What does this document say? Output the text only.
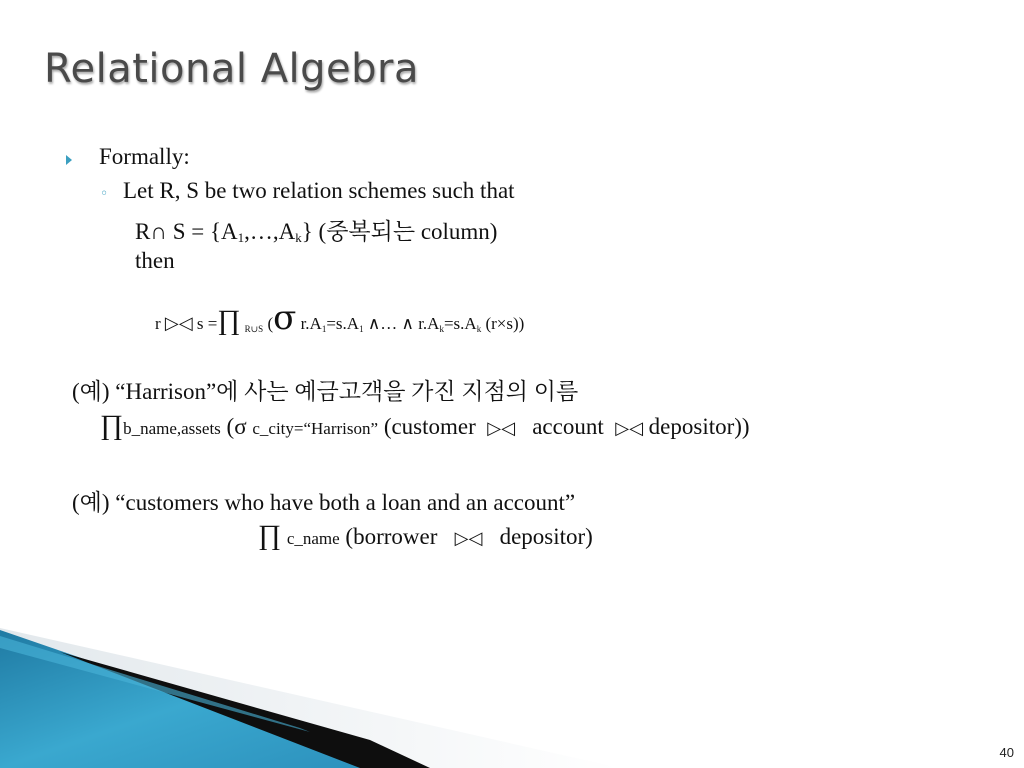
Relational Algebra
Formally:
◦ Let R, S be two relation schemes such that
R∩ $S = \{A_1,\dots,A_k\}$ (중복되는 column)
then
r ▷◁ s =∏ R∪S (σ r.A1=s.A1 ∧… ∧ r.Ak=s.Ak (r×s))
(예) “Harrison”에 사는 예금고객을 가진 지점의 이름
∏b_name,assets (σ c_city=“Harrison” (customer ▷◁ account ▷◁ depositor))
(예) “customers who have both a loan and an account”
∏ c_name (borrower ▷◁ depositor)
40
